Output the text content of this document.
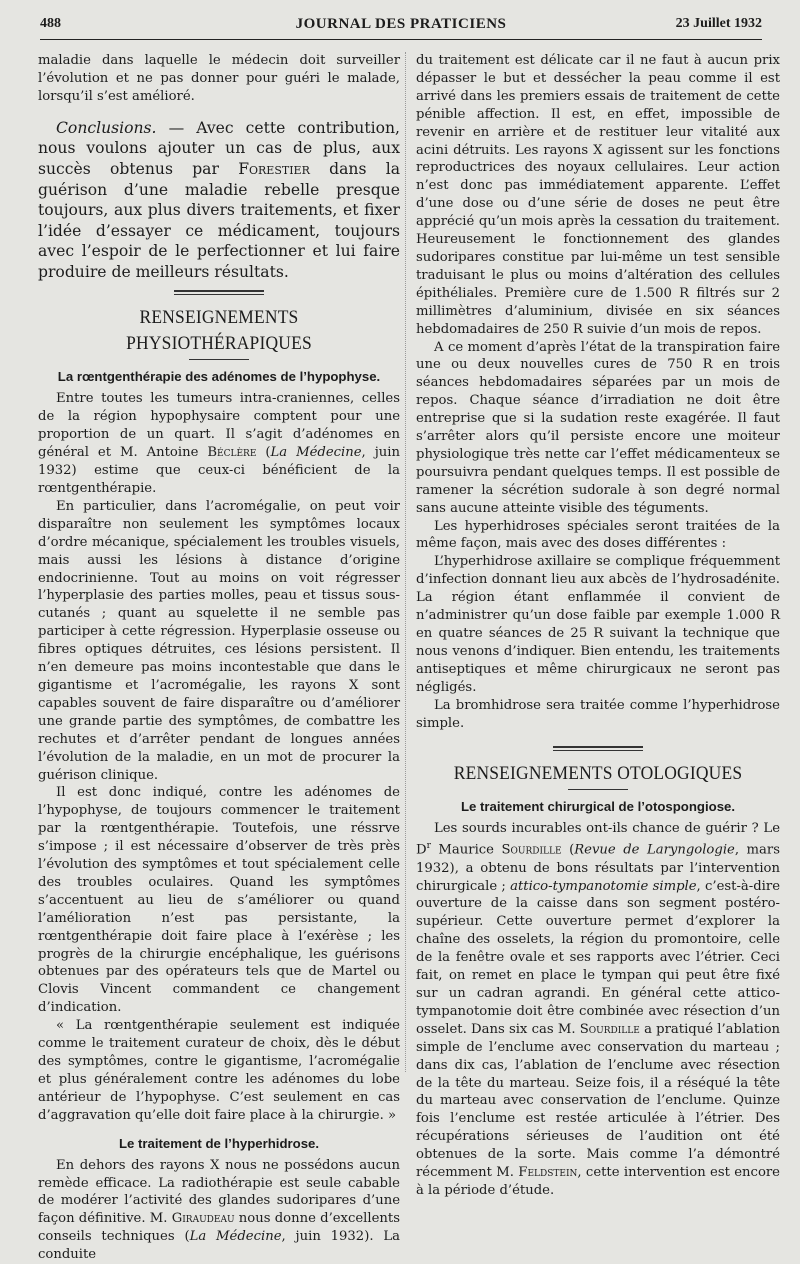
488	JOURNAL DES PRATICIENS	23 Juillet 1932

maladie dans laquelle le médecin doit surveiller l’évolution et ne pas donner pour guéri le malade, lorsqu’il s’est amélioré.

Conclusions. — Avec cette contribution, nous voulons ajouter un cas de plus, aux succès obtenus par Forestier dans la guérison d’une maladie rebelle presque toujours, aux plus divers traitements, et fixer l’idée d’essayer ce médicament, toujours avec l’espoir de le perfectionner et lui faire produire de meilleurs résultats.

RENSEIGNEMENTS PHYSIOTHÉRAPIQUES
La rœntgenthérapie des adénomes de l’hypophyse.

Entre toutes les tumeurs intra-craniennes, celles de la région hypophysaire comptent pour une proportion de un quart. Il s’agit d’adénomes en général et M. Antoine Béclère (La Médecine, juin 1932) estime que ceux-ci bénéficient de la rœntgenthérapie.

En particulier, dans l’acromégalie, on peut voir disparaître non seulement les symptômes locaux d’ordre mécanique, spécialement les troubles visuels, mais aussi les lésions à distance d’origine endocrinienne. Tout au moins on voit régresser l’hyperplasie des parties molles, peau et tissus sous-cutanés ; quant au squelette il ne semble pas participer à cette régression. Hyperplasie osseuse ou fibres optiques détruites, ces lésions persistent. Il n’en demeure pas moins incontestable que dans le gigantisme et l’acromégalie, les rayons X sont capables souvent de faire disparaître ou d’améliorer une grande partie des symptômes, de combattre les rechutes et d’arrêter pendant de longues années l’évolution de la maladie, en un mot de procurer la guérison clinique.

Il est donc indiqué, contre les adénomes de l’hypophyse, de toujours commencer le traitement par la rœntgenthérapie. Toutefois, une réssrve s’impose ; il est nécessaire d’observer de très près l’évolution des symptômes et tout spécialement celle des troubles oculaires. Quand les symptômes s’accentuent au lieu de s’améliorer ou quand l’amélioration n’est pas persistante, la rœntgenthérapie doit faire place à l’exérèse ; les progrès de la chirurgie encéphalique, les guérisons obtenues par des opérateurs tels que de Martel ou Clovis Vincent commandent ce changement d’indication.

« La rœntgenthérapie seulement est indiquée comme le traitement curateur de choix, dès le début des symptômes, contre le gigantisme, l’acromégalie et plus généralement contre les adénomes du lobe antérieur de l’hypophyse. C’est seulement en cas d’aggravation qu’elle doit faire place à la chirurgie. »

Le traitement de l’hyperhidrose.

En dehors des rayons X nous ne possédons aucun remède efficace. La radiothérapie est seule cabable de modérer l’activité des glandes sudoripares d’une façon définitive. M. Giraudeau nous donne d’excellents conseils techniques (La Médecine, juin 1932). La conduite

du traitement est délicate car il ne faut à aucun prix dépasser le but et dessécher la peau comme il est arrivé dans les premiers essais de traitement de cette pénible affection. Il est, en effet, impossible de revenir en arrière et de restituer leur vitalité aux acini détruits. Les rayons X agissent sur les fonctions reproductrices des noyaux cellulaires. Leur action n’est donc pas immédiatement apparente. L’effet d’une dose ou d’une série de doses ne peut être apprécié qu’un mois après la cessation du traitement. Heureusement le fonctionnement des glandes sudoripares constitue par lui-même un test sensible traduisant le plus ou moins d’altération des cellules épithéliales. Première cure de 1.500 R filtrés sur 2 millimètres d’aluminium, divisée en six séances hebdomadaires de 250 R suivie d’un mois de repos.

A ce moment d’après l’état de la transpiration faire une ou deux nouvelles cures de 750 R en trois séances hebdomadaires séparées par un mois de repos. Chaque séance d’irradiation ne doit être entreprise que si la sudation reste exagérée. Il faut s’arrêter alors qu’il persiste encore une moiteur physiologique très nette car l’effet médicamenteux se poursuivra pendant quelques temps. Il est possible de ramener la sécrétion sudorale à son degré normal sans aucune atteinte visible des téguments.

Les hyperhidroses spéciales seront traitées de la même façon, mais avec des doses différentes :

L’hyperhidrose axillaire se complique fréquemment d’infection donnant lieu aux abcès de l’hydrosadénite. La région étant enflammée il convient de n’administrer qu’un dose faible par exemple 1.000 R en quatre séances de 25 R suivant la technique que nous venons d’indiquer. Bien entendu, les traitements antiseptiques et même chirurgicaux ne seront pas négligés.

La bromhidrose sera traitée comme l’hyperhidrose simple.

RENSEIGNEMENTS OTOLOGIQUES
Le traitement chirurgical de l’otospongiose.

Les sourds incurables ont-ils chance de guérir ? Le $D^r$ Maurice Sourdille (Revue de Laryngologie, mars 1932), a obtenu de bons résultats par l’intervention chirurgicale ; attico-tympanotomie simple, c’est-à-dire ouverture de la caisse dans son segment postéro-supérieur. Cette ouverture permet d’explorer la chaîne des osselets, la région du promontoire, celle de la fenêtre ovale et ses rapports avec l’étrier. Ceci fait, on remet en place le tympan qui peut être fixé sur un cadran agrandi. En général cette attico-tympanotomie doit être combinée avec résection d’un osselet. Dans six cas M. Sourdille a pratiqué l’ablation simple de l’enclume avec conservation du marteau ; dans dix cas, l’ablation de l’enclume avec résection de la tête du marteau. Seize fois, il a réséqué la tête du marteau avec conservation de l’enclume. Quinze fois l’enclume est restée articulée à l’étrier. Des récupérations sérieuses de l’audition ont été obtenues de la sorte. Mais comme l’a démontré récemment M. Feldstein, cette intervention est encore à la période d’étude.
